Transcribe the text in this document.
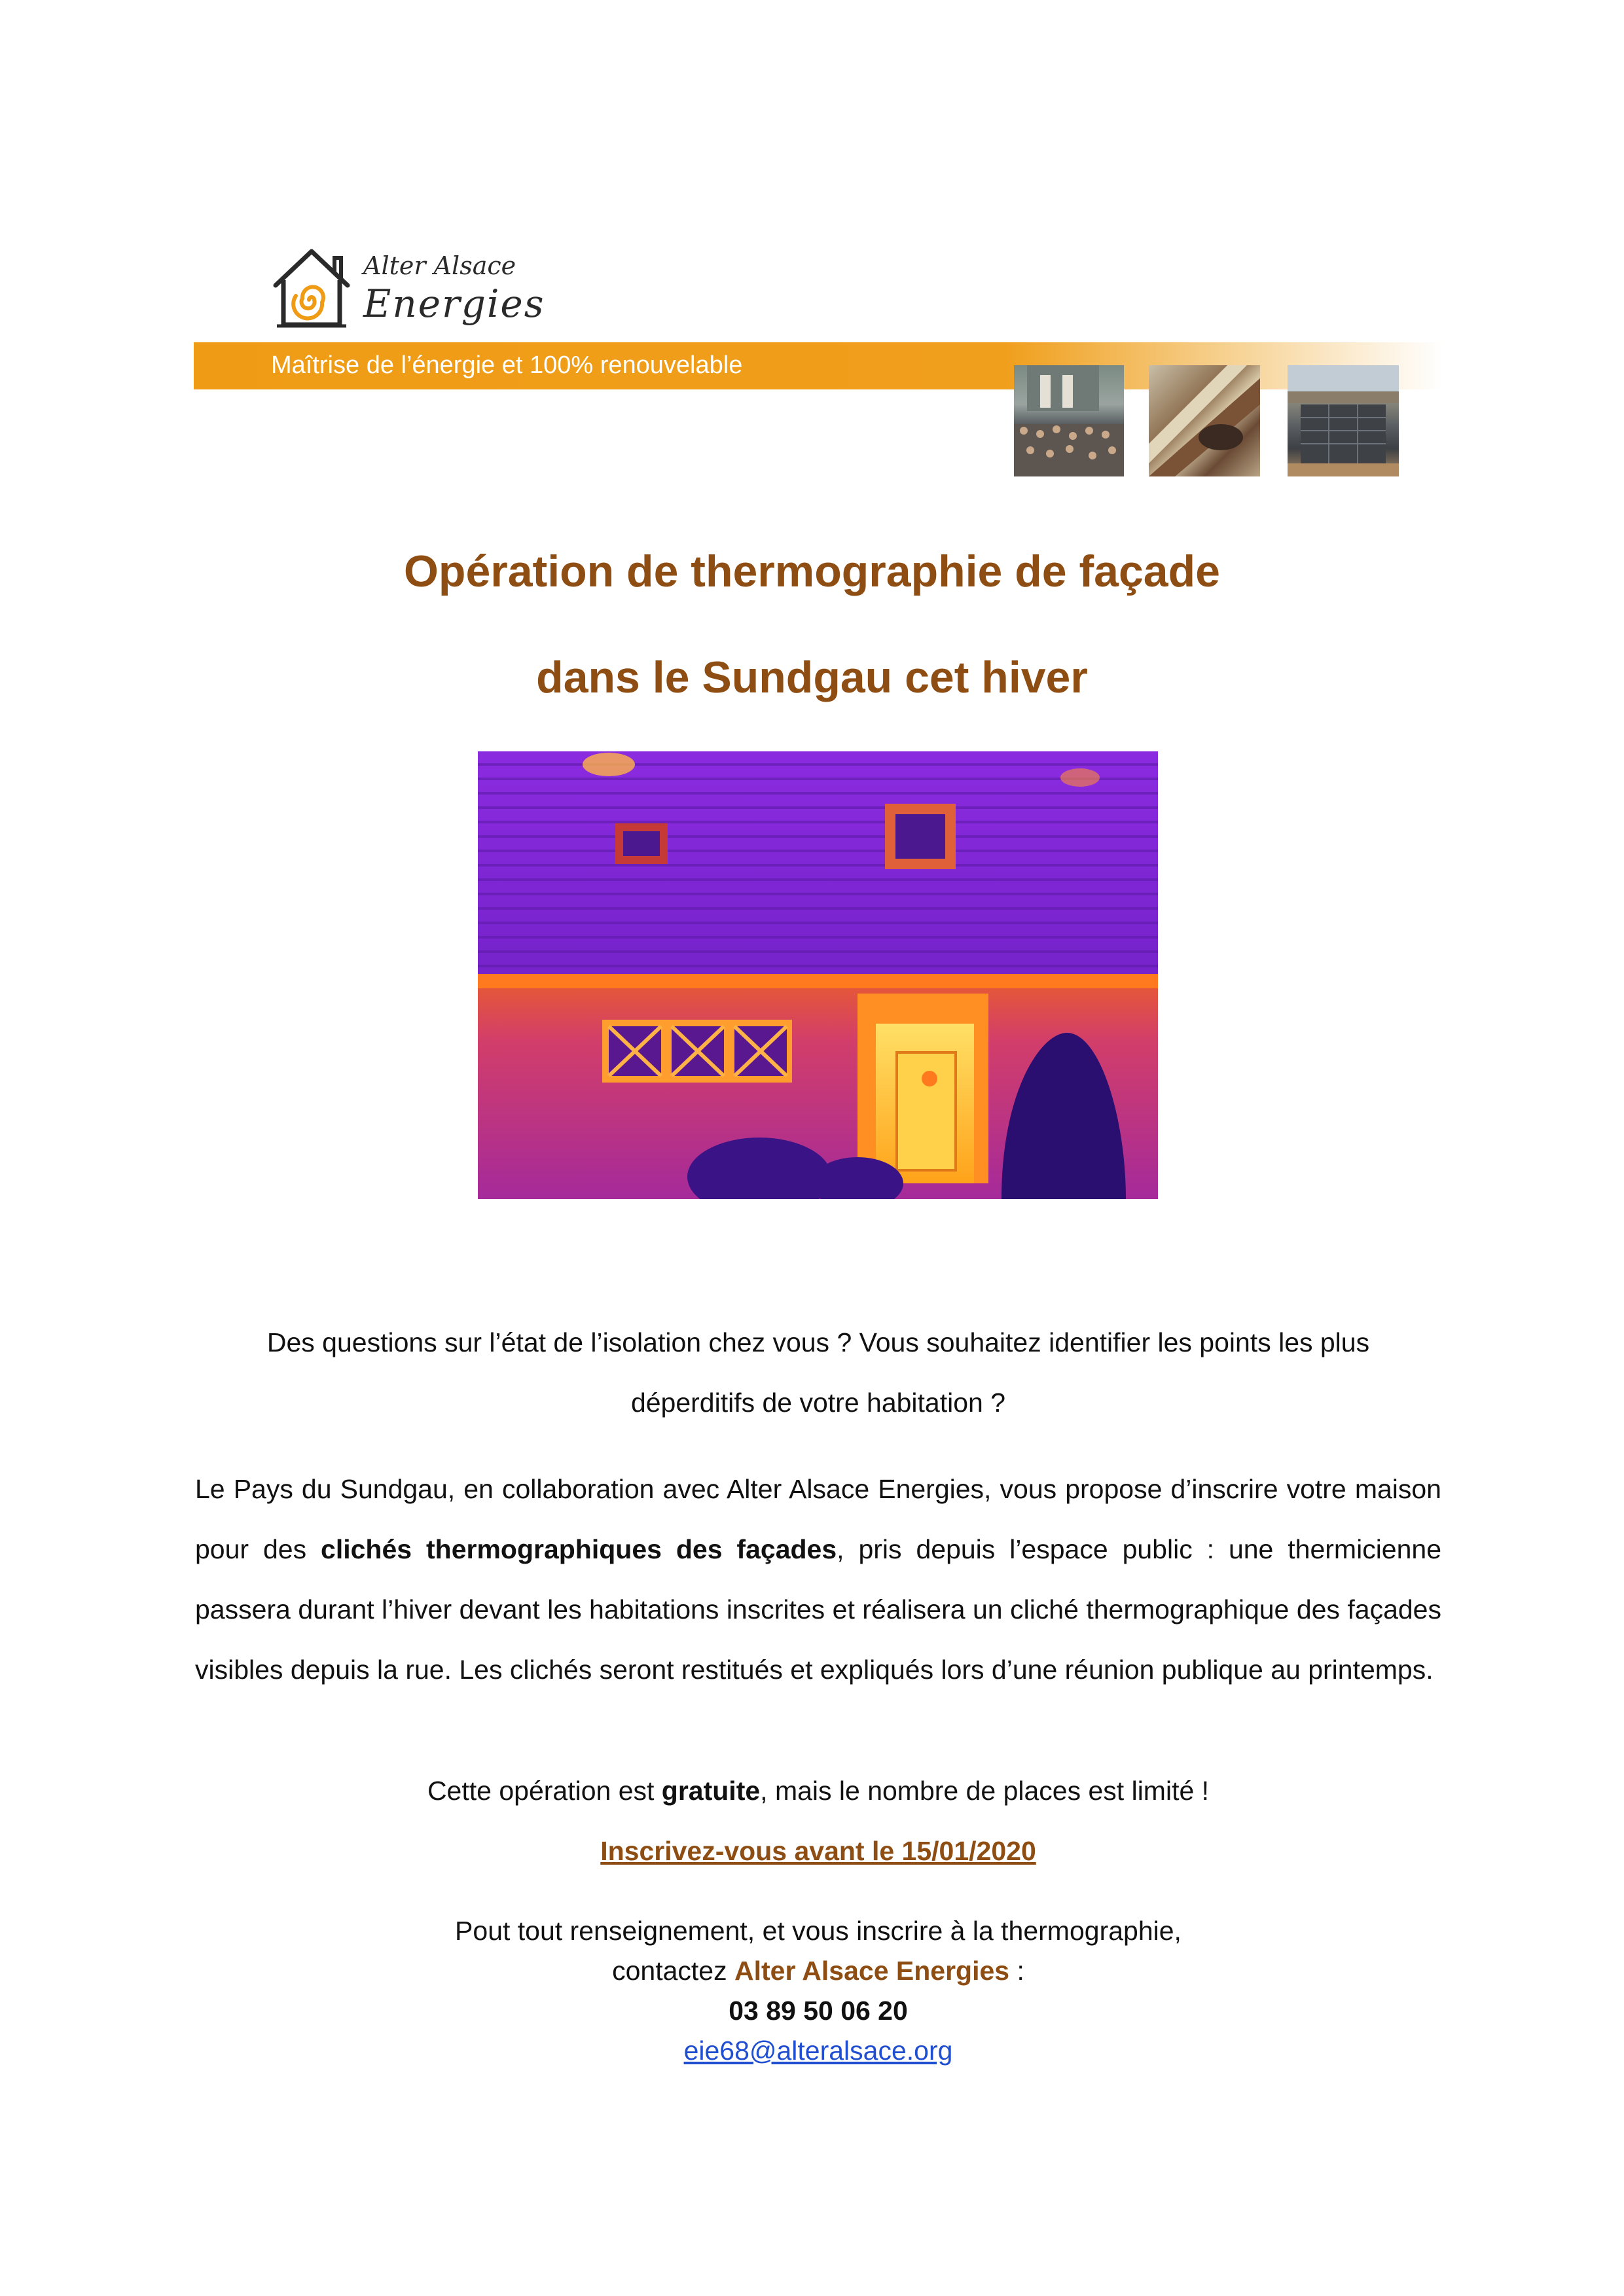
Alter Alsace
Energies
Maîtrise de l’énergie et 100% renouvelable
Opération de thermographie de façade
dans le Sundgau cet hiver
Des questions sur l’état de l’isolation chez vous ? Vous souhaitez identifier les points les plus
déperditifs de votre habitation ?
Le Pays du Sundgau, en collaboration avec Alter Alsace Energies, vous propose d’inscrire votre maison pour des clichés thermographiques des façades, pris depuis l’espace public : une thermicienne passera durant l’hiver devant les habitations inscrites et réalisera un cliché thermographique des façades visibles depuis la rue. Les clichés seront restitués et expliqués lors d’une réunion publique au printemps.
Cette opération est gratuite, mais le nombre de places est limité !
Inscrivez-vous avant le 15/01/2020
Pout tout renseignement, et vous inscrire à la thermographie,
contactez Alter Alsace Energies :
03 89 50 06 20
eie68@alteralsace.org
